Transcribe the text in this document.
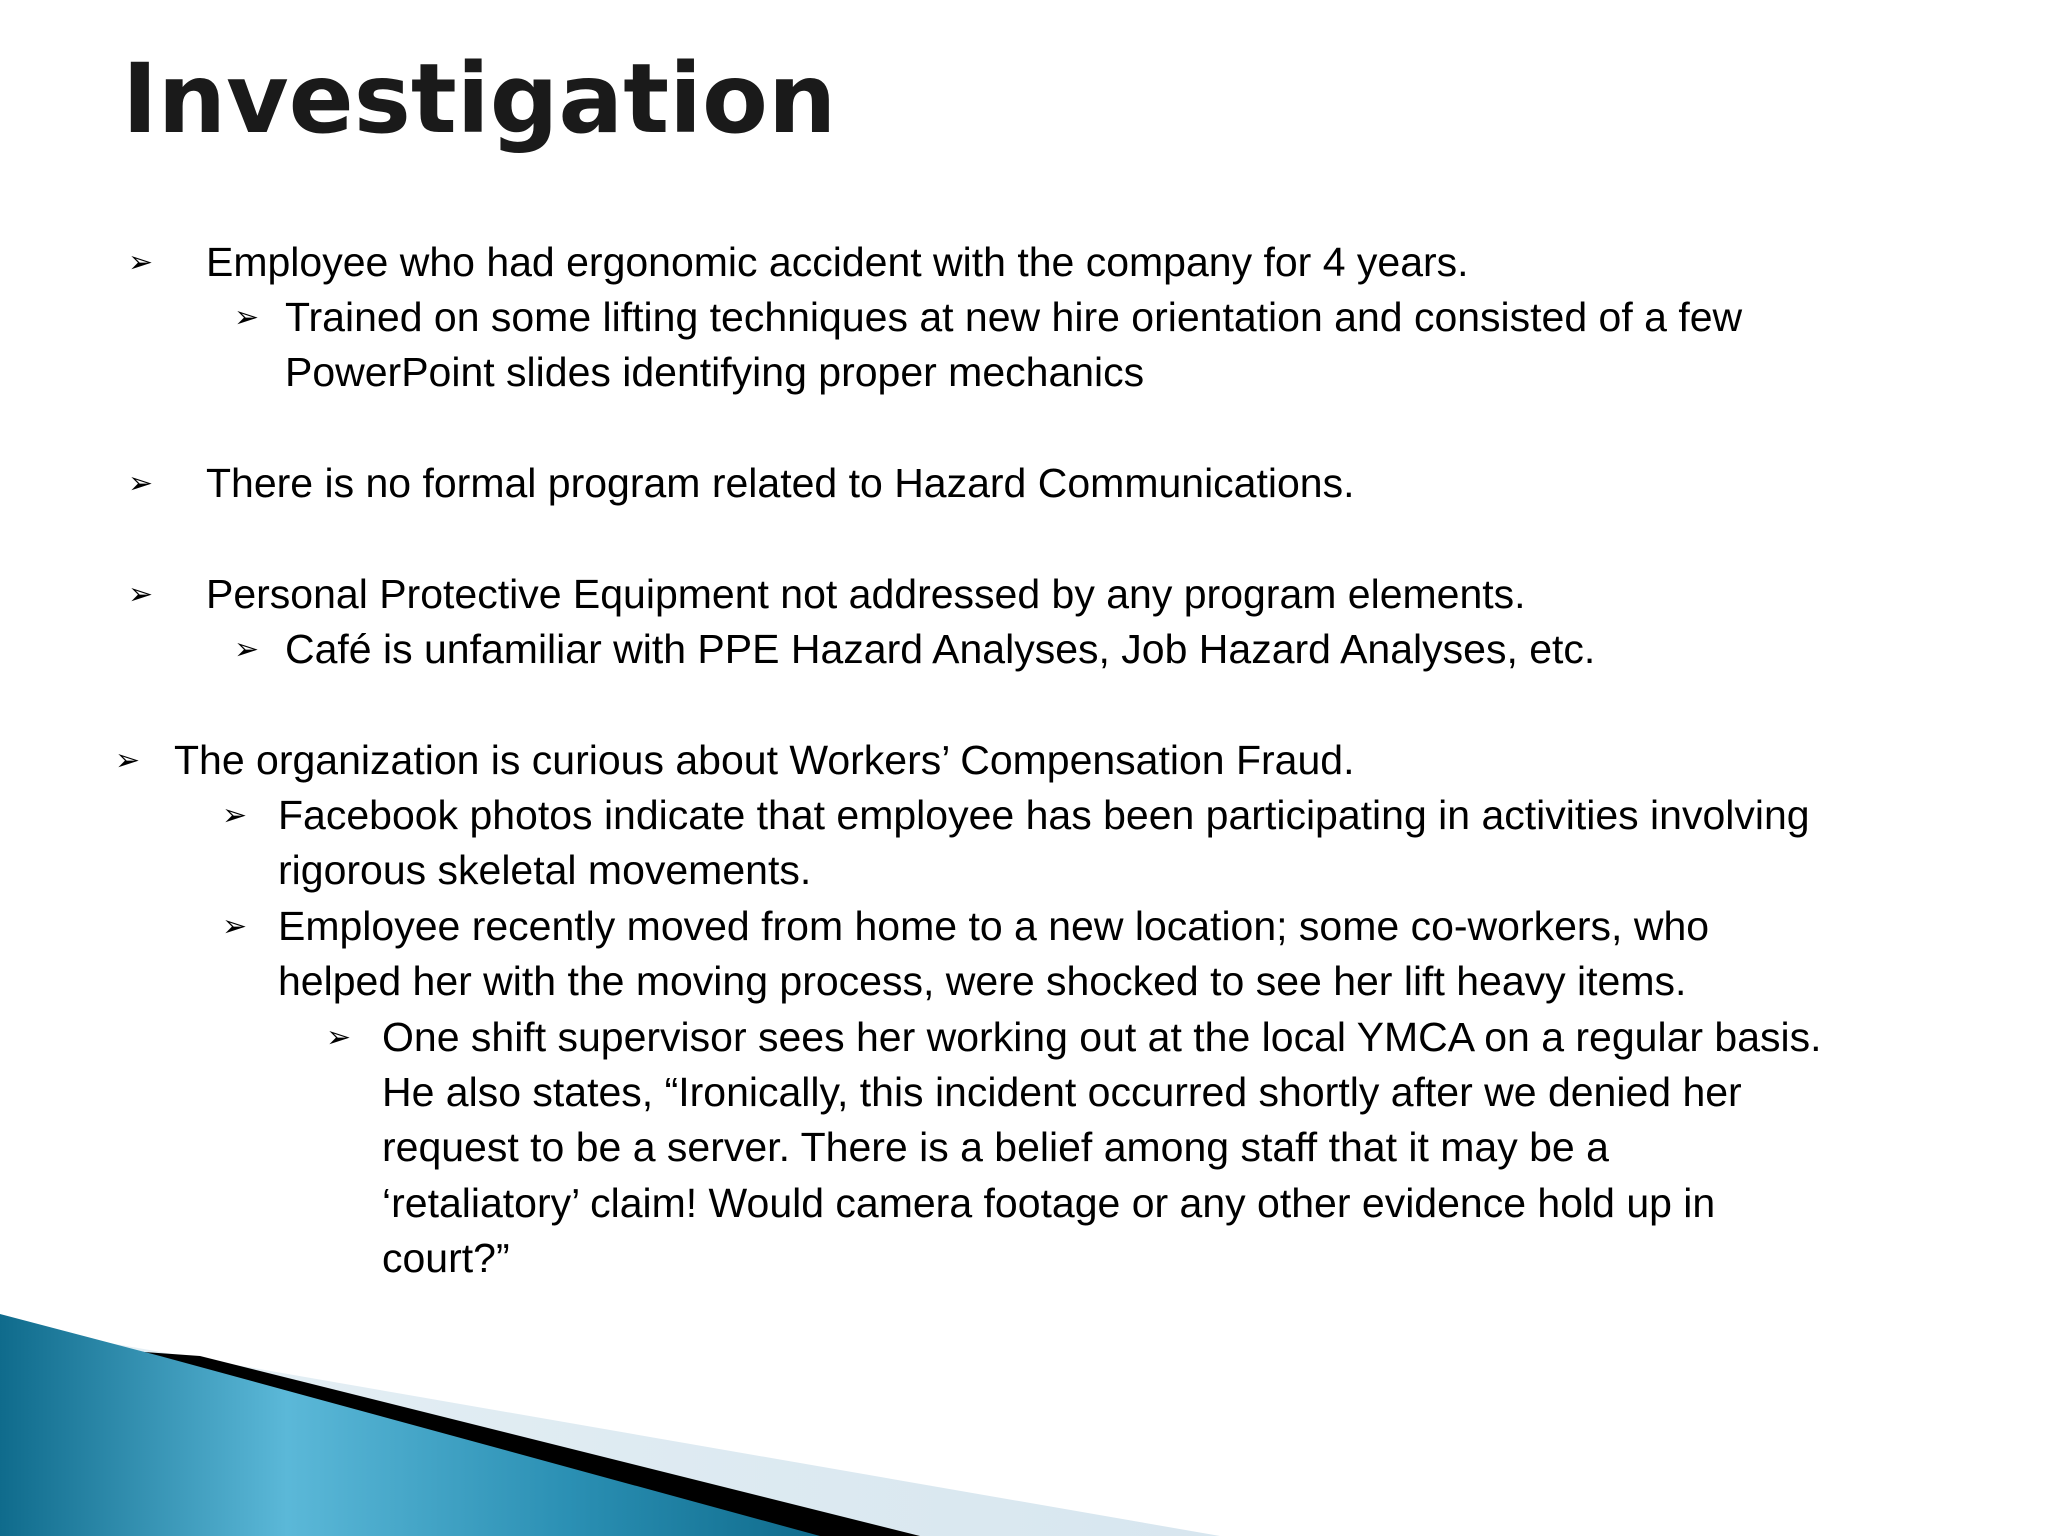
Investigation
➢ Employee who had ergonomic accident with the company for 4 years.
➢ Trained on some lifting techniques at new hire orientation and consisted of a few
PowerPoint slides identifying proper mechanics
➢ There is no formal program related to Hazard Communications.
➢ Personal Protective Equipment not addressed by any program elements.
➢ Café is unfamiliar with PPE Hazard Analyses, Job Hazard Analyses, etc.
➢ The organization is curious about Workers’ Compensation Fraud.
➢ Facebook photos indicate that employee has been participating in activities involving
rigorous skeletal movements.
➢ Employee recently moved from home to a new location; some co-workers, who
helped her with the moving process, were shocked to see her lift heavy items.
➢ One shift supervisor sees her working out at the local YMCA on a regular basis.
He also states, “Ironically, this incident occurred shortly after we denied her
request to be a server. There is a belief among staff that it may be a
‘retaliatory’ claim! Would camera footage or any other evidence hold up in
court?”
